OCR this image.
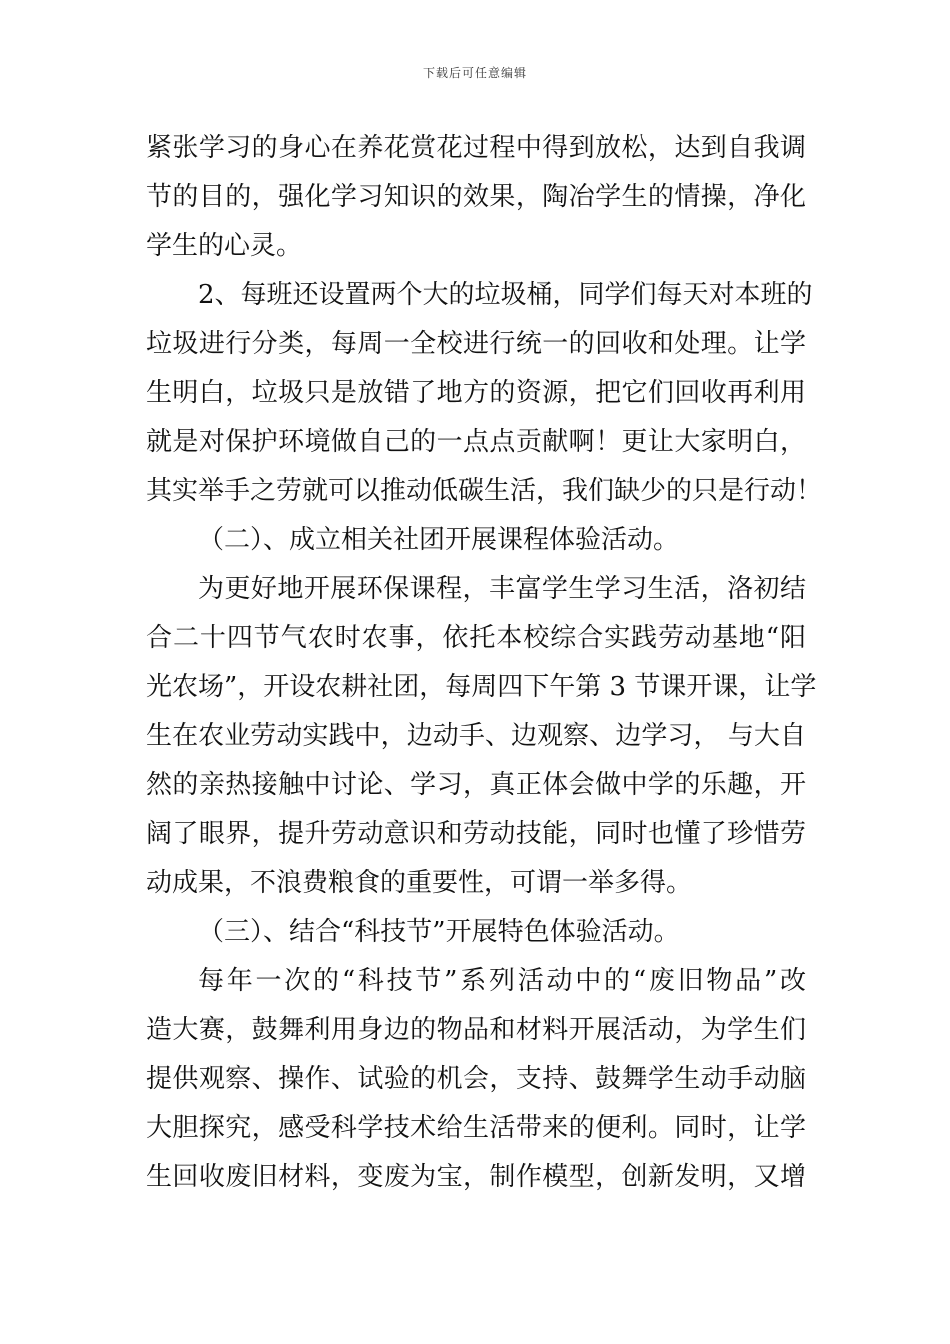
下载后可任意编辑
紧张学习的身心在养花赏花过程中得到放松，达到自我调
节的目的，强化学习知识的效果，陶冶学生的情操，净化
学生的心灵。
2、每班还设置两个大的垃圾桶，同学们每天对本班的
垃圾进行分类，每周一全校进行统一的回收和处理。让学
生明白，垃圾只是放错了地方的资源，把它们回收再利用
就是对保护环境做自己的一点点贡献啊！更让大家明白，
其实举手之劳就可以推动低碳生活，我们缺少的只是行动！
（二）、成立相关社团开展课程体验活动。
为更好地开展环保课程，丰富学生学习生活，洛初结
合二十四节气农时农事，依托本校综合实践劳动基地“阳
光农场”，开设农耕社团，每周四下午第 3 节课开课，让学
生在农业劳动实践中，边动手、边观察、边学习， 与大自
然的亲热接触中讨论、学习，真正体会做中学的乐趣，开
阔了眼界，提升劳动意识和劳动技能，同时也懂了珍惜劳
动成果，不浪费粮食的重要性，可谓一举多得。
（三）、结合“科技节”开展特色体验活动。
每年一次的“科技节”系列活动中的“废旧物品”改
造大赛，鼓舞利用身边的物品和材料开展活动，为学生们
提供观察、操作、试验的机会，支持、鼓舞学生动手动脑
大胆探究，感受科学技术给生活带来的便利。同时，让学
生回收废旧材料，变废为宝，制作模型，创新发明，又增
